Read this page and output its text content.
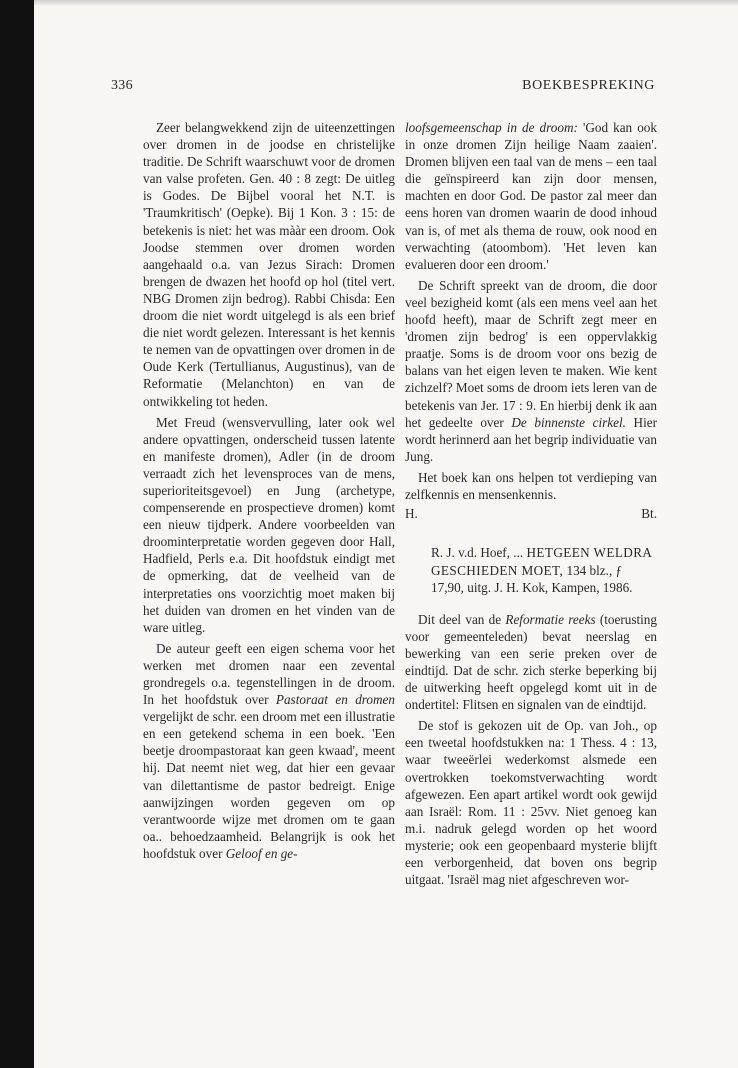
336	BOEKBESPREKING

Zeer belangwekkend zijn de uiteenzettingen over dromen in de joodse en christelijke traditie. De Schrift waarschuwt voor de dromen van valse profeten. Gen. 40 : 8 zegt: De uitleg is Godes. De Bijbel vooral het N.T. is 'Traumkritisch' (Oepke). Bij 1 Kon. 3 : 15: de betekenis is niet: het was mààr een droom. Ook Joodse stemmen over dromen worden aangehaald o.a. van Jezus Sirach: Dromen brengen de dwazen het hoofd op hol (titel vert. NBG Dromen zijn bedrog). Rabbi Chisda: Een droom die niet wordt uitgelegd is als een brief die niet wordt gelezen. Interessant is het kennis te nemen van de opvattingen over dromen in de Oude Kerk (Tertullianus, Augustinus), van de Reformatie (Melanchton) en van de ontwikkeling tot heden.

Met Freud (wensvervulling, later ook wel andere opvattingen, onderscheid tussen latente en manifeste dromen), Adler (in de droom verraadt zich het levensproces van de mens, superioriteitsgevoel) en Jung (archetype, compenserende en prospectieve dromen) komt een nieuw tijdperk. Andere voorbeelden van droominterpretatie worden gegeven door Hall, Hadfield, Perls e.a. Dit hoofdstuk eindigt met de opmerking, dat de veelheid van de interpretaties ons voorzichtig moet maken bij het duiden van dromen en het vinden van de ware uitleg.

De auteur geeft een eigen schema voor het werken met dromen naar een zevental grondregels o.a. tegenstellingen in de droom. In het hoofdstuk over Pastoraat en dromen vergelijkt de schr. een droom met een illustratie en een getekend schema in een boek. 'Een beetje droompastoraat kan geen kwaad', meent hij. Dat neemt niet weg, dat hier een gevaar van dilettantisme de pastor bedreigt. Enige aanwijzingen worden gegeven om op verantwoorde wijze met dromen om te gaan oa.. behoedzaamheid. Belangrijk is ook het hoofdstuk over Geloof en ge-

loofsgemeenschap in de droom: 'God kan ook in onze dromen Zijn heilige Naam zaaien'. Dromen blijven een taal van de mens – een taal die geïnspireerd kan zijn door mensen, machten en door God. De pastor zal meer dan eens horen van dromen waarin de dood inhoud van is, of met als thema de rouw, ook nood en verwachting (atoombom). 'Het leven kan evalueren door een droom.'

De Schrift spreekt van de droom, die door veel bezigheid komt (als een mens veel aan het hoofd heeft), maar de Schrift zegt meer en 'dromen zijn bedrog' is een oppervlakkig praatje. Soms is de droom voor ons bezig de balans van het eigen leven te maken. Wie kent zichzelf? Moet soms de droom iets leren van de betekenis van Jer. 17 : 9. En hierbij denk ik aan het gedeelte over De binnenste cirkel. Hier wordt herinnerd aan het begrip individuatie van Jung.

Het boek kan ons helpen tot verdieping van zelfkennis en mensenkennis.

H.	Bt.
R. J. v.d. Hoef, ... HETGEEN WELDRA GESCHIEDEN MOET, 134 blz., ƒ 17,90, uitg. J. H. Kok, Kampen, 1986.

Dit deel van de Reformatie reeks (toerusting voor gemeenteleden) bevat neerslag en bewerking van een serie preken over de eindtijd. Dat de schr. zich sterke beperking bij de uitwerking heeft opgelegd komt uit in de ondertitel: Flitsen en signalen van de eindtijd.

De stof is gekozen uit de Op. van Joh., op een tweetal hoofdstukken na: 1 Thess. 4 : 13, waar tweeërlei wederkomst alsmede een overtrokken toekomstverwachting wordt afgewezen. Een apart artikel wordt ook gewijd aan Israël: Rom. 11 : 25vv. Niet genoeg kan m.i. nadruk gelegd worden op het woord mysterie; ook een geopenbaard mysterie blijft een verborgenheid, dat boven ons begrip uitgaat. 'Israël mag niet afgeschreven wor-
